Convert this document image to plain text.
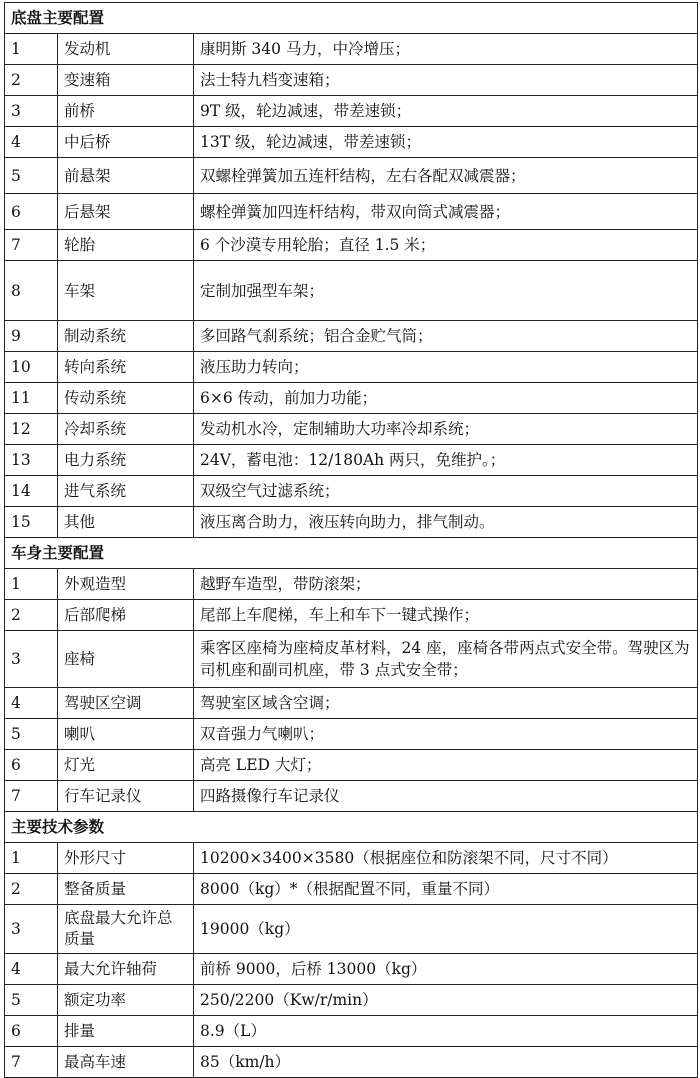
底盘主要配置		
1	发动机	康明斯 340 马力，中冷增压；
2	变速箱	法士特九档变速箱；
3	前桥	9T 级，轮边减速，带差速锁；
4	中后桥	13T 级，轮边减速，带差速锁；
5	前悬架	双螺栓弹簧加五连杆结构，左右各配双减震器；
6	后悬架	螺栓弹簧加四连杆结构，带双向筒式减震器；
7	轮胎	6 个沙漠专用轮胎；直径 1.5 米；
8	车架	定制加强型车架；
9	制动系统	多回路气刹系统；铝合金贮气筒；
10	转向系统	液压助力转向；
11	传动系统	6×6 传动，前加力功能；
12	冷却系统	发动机水冷，定制辅助大功率冷却系统；
13	电力系统	24V，蓄电池：12/180Ah 两只，免维护。；
14	进气系统	双级空气过滤系统；
15	其他	液压离合助力，液压转向助力，排气制动。
车身主要配置		
1	外观造型	越野车造型，带防滚架；
2	后部爬梯	尾部上车爬梯，车上和车下一键式操作；
3	座椅	乘客区座椅为座椅皮革材料，24 座，座椅各带两点式安全带。驾驶区为司机座和副司机座，带 3 点式安全带；
4	驾驶区空调	驾驶室区域含空调；
5	喇叭	双音强力气喇叭；
6	灯光	高亮 LED 大灯；
7	行车记录仪	四路摄像行车记录仪
主要技术参数		
1	外形尺寸	10200×3400×3580（根据座位和防滚架不同，尺寸不同）
2	整备质量	8000（kg）*（根据配置不同，重量不同）
3	底盘最大允许总质量	19000（kg）
4	最大允许轴荷	前桥 9000，后桥 13000（kg）
5	额定功率	250/2200（Kw/r/min）
6	排量	8.9（L）
7	最高车速	85（km/h）
